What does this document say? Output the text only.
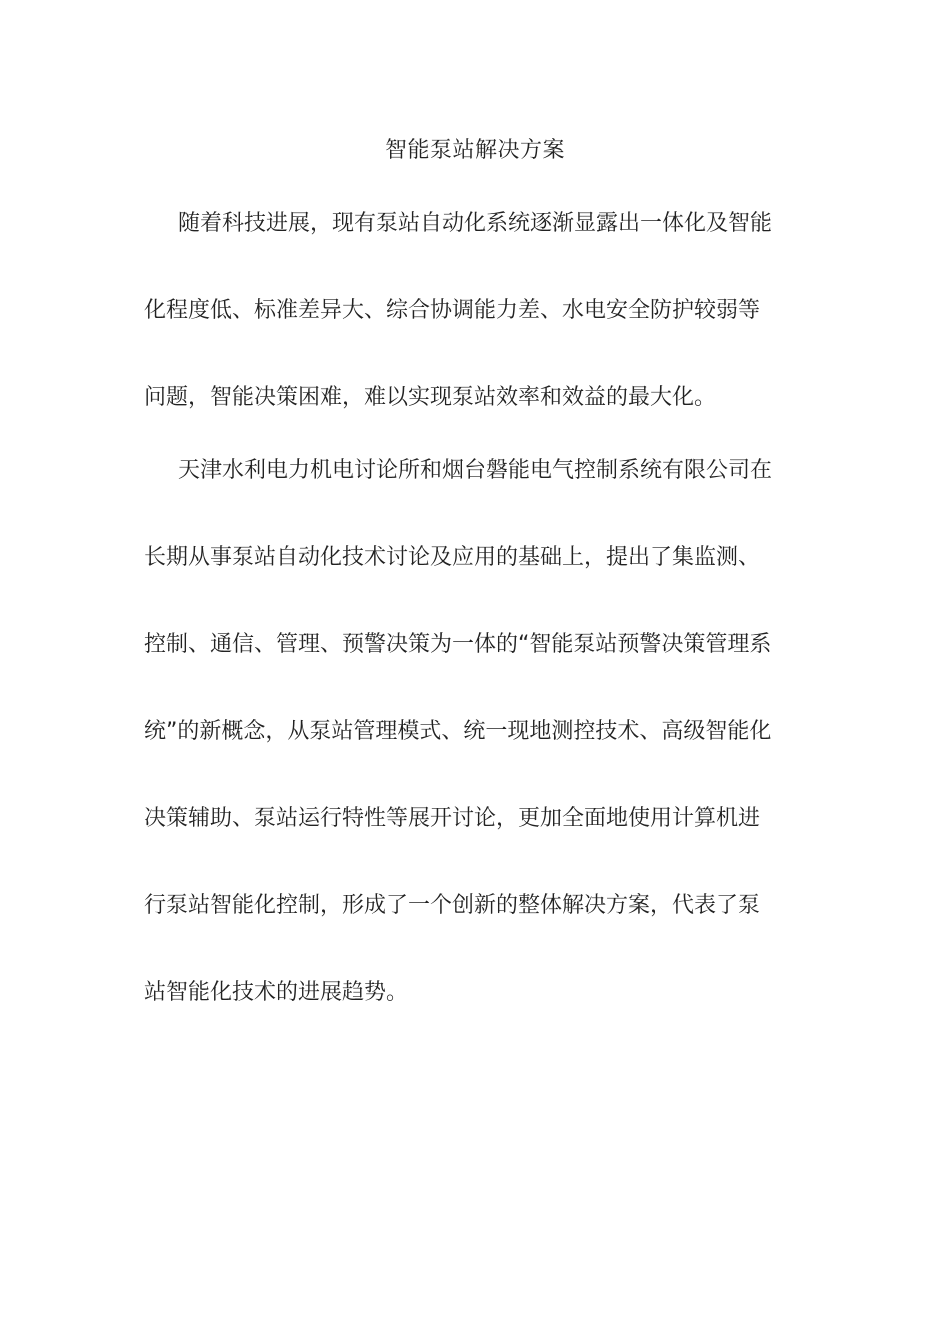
智能泵站解决方案
随着科技进展，现有泵站自动化系统逐渐显露出一体化及智能
化程度低、标准差异大、综合协调能力差、水电安全防护较弱等
问题，智能决策困难，难以实现泵站效率和效益的最大化。
天津水利电力机电讨论所和烟台磐能电气控制系统有限公司在
长期从事泵站自动化技术讨论及应用的基础上，提出了集监测、
控制、通信、管理、预警决策为一体的“智能泵站预警决策管理系
统”的新概念，从泵站管理模式、统一现地测控技术、高级智能化
决策辅助、泵站运行特性等展开讨论，更加全面地使用计算机进
行泵站智能化控制，形成了一个创新的整体解决方案，代表了泵
站智能化技术的进展趋势。
